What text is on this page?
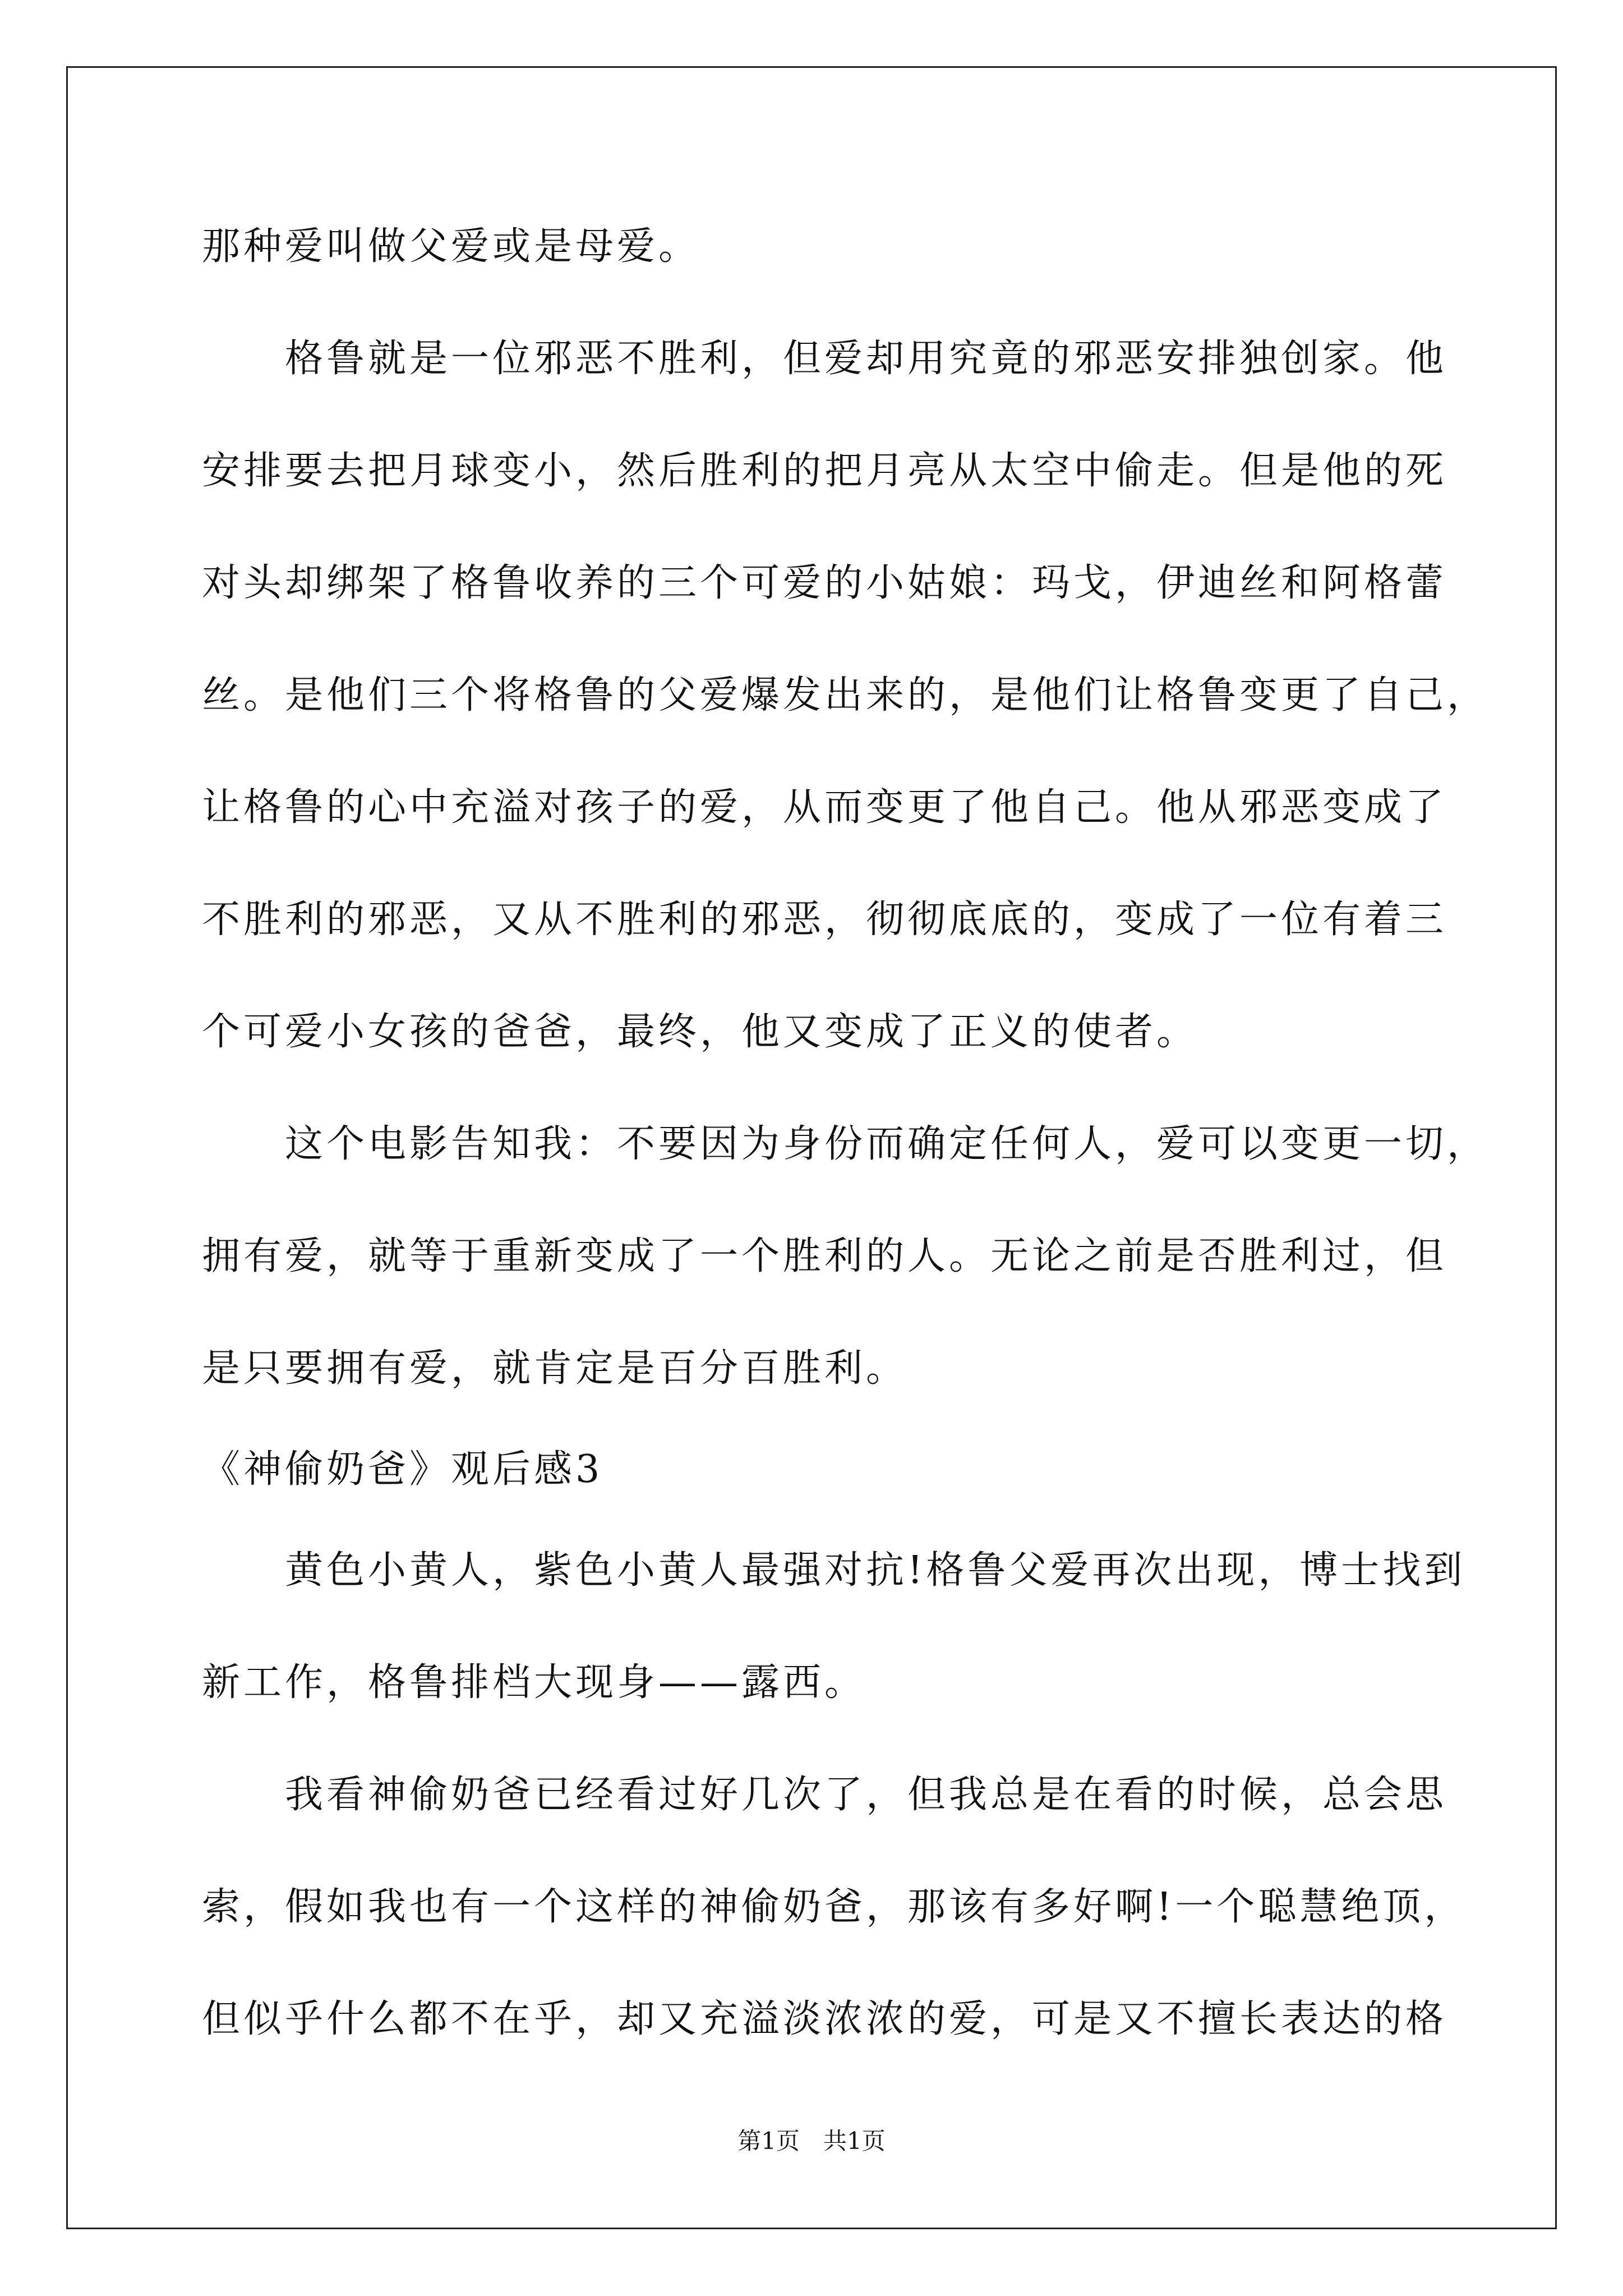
那种爱叫做父爱或是母爱。
格鲁就是一位邪恶不胜利，但爱却用究竟的邪恶安排独创家。他
安排要去把月球变小，然后胜利的把月亮从太空中偷走。但是他的死
对头却绑架了格鲁收养的三个可爱的小姑娘：玛戈，伊迪丝和阿格蕾
丝。是他们三个将格鲁的父爱爆发出来的，是他们让格鲁变更了自己，
让格鲁的心中充溢对孩子的爱，从而变更了他自己。他从邪恶变成了
不胜利的邪恶，又从不胜利的邪恶，彻彻底底的，变成了一位有着三
个可爱小女孩的爸爸，最终，他又变成了正义的使者。
这个电影告知我：不要因为身份而确定任何人，爱可以变更一切，
拥有爱，就等于重新变成了一个胜利的人。无论之前是否胜利过，但
是只要拥有爱，就肯定是百分百胜利。
《神偷奶爸》观后感3
黄色小黄人，紫色小黄人最强对抗!格鲁父爱再次出现，博士找到
新工作，格鲁排档大现身——露西。
我看神偷奶爸已经看过好几次了，但我总是在看的时候，总会思
索，假如我也有一个这样的神偷奶爸，那该有多好啊!一个聪慧绝顶，
但似乎什么都不在乎，却又充溢淡浓浓的爱，可是又不擅长表达的格
第1页　共1页
